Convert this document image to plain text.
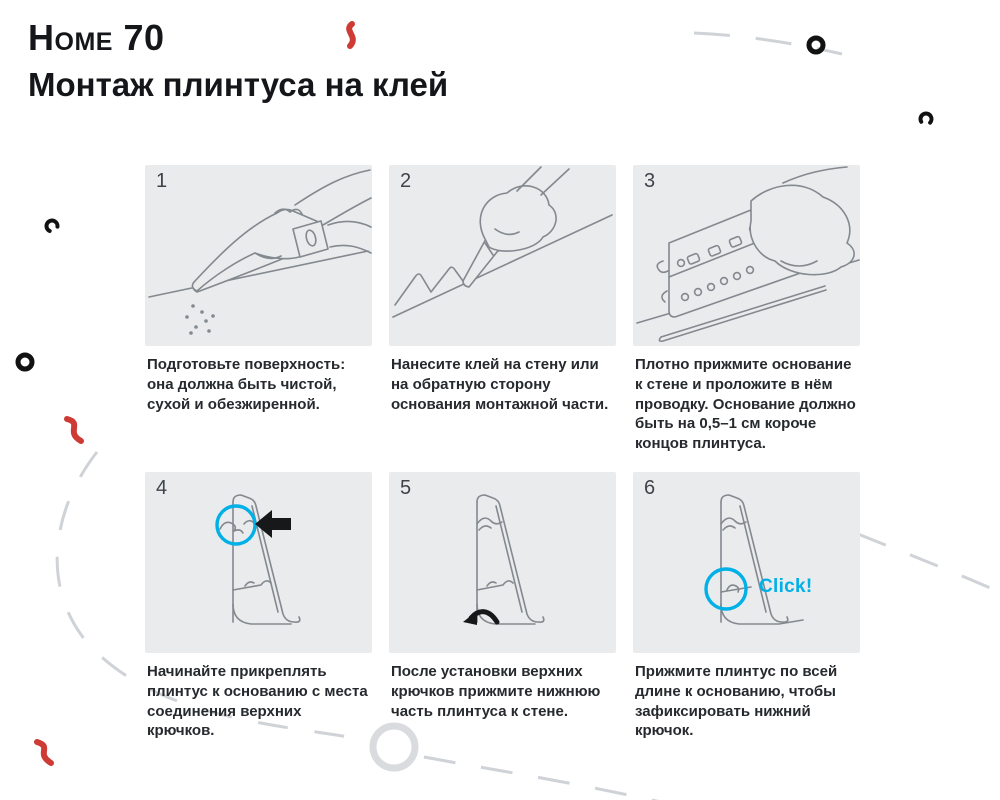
Home 70
Монтаж плинтуса на клей
1

Подготовьте поверхность: она должна быть чистой, сухой и обезжиренной.

2

Нанесите клей на стену или на обратную сторону основания монтажной части.

3

Плотно прижмите основание к стене и проложите в нём проводку. Основание должно быть на 0,5–1 см короче концов плинтуса.

4

Начинайте прикреплять плинтус к основанию с места соединения верхних крючков.

5

После установки верхних крючков прижмите нижнюю часть плинтуса к стене.

6
Click!

Прижмите плинтус по всей длине к основанию, чтобы зафиксировать нижний крючок.
